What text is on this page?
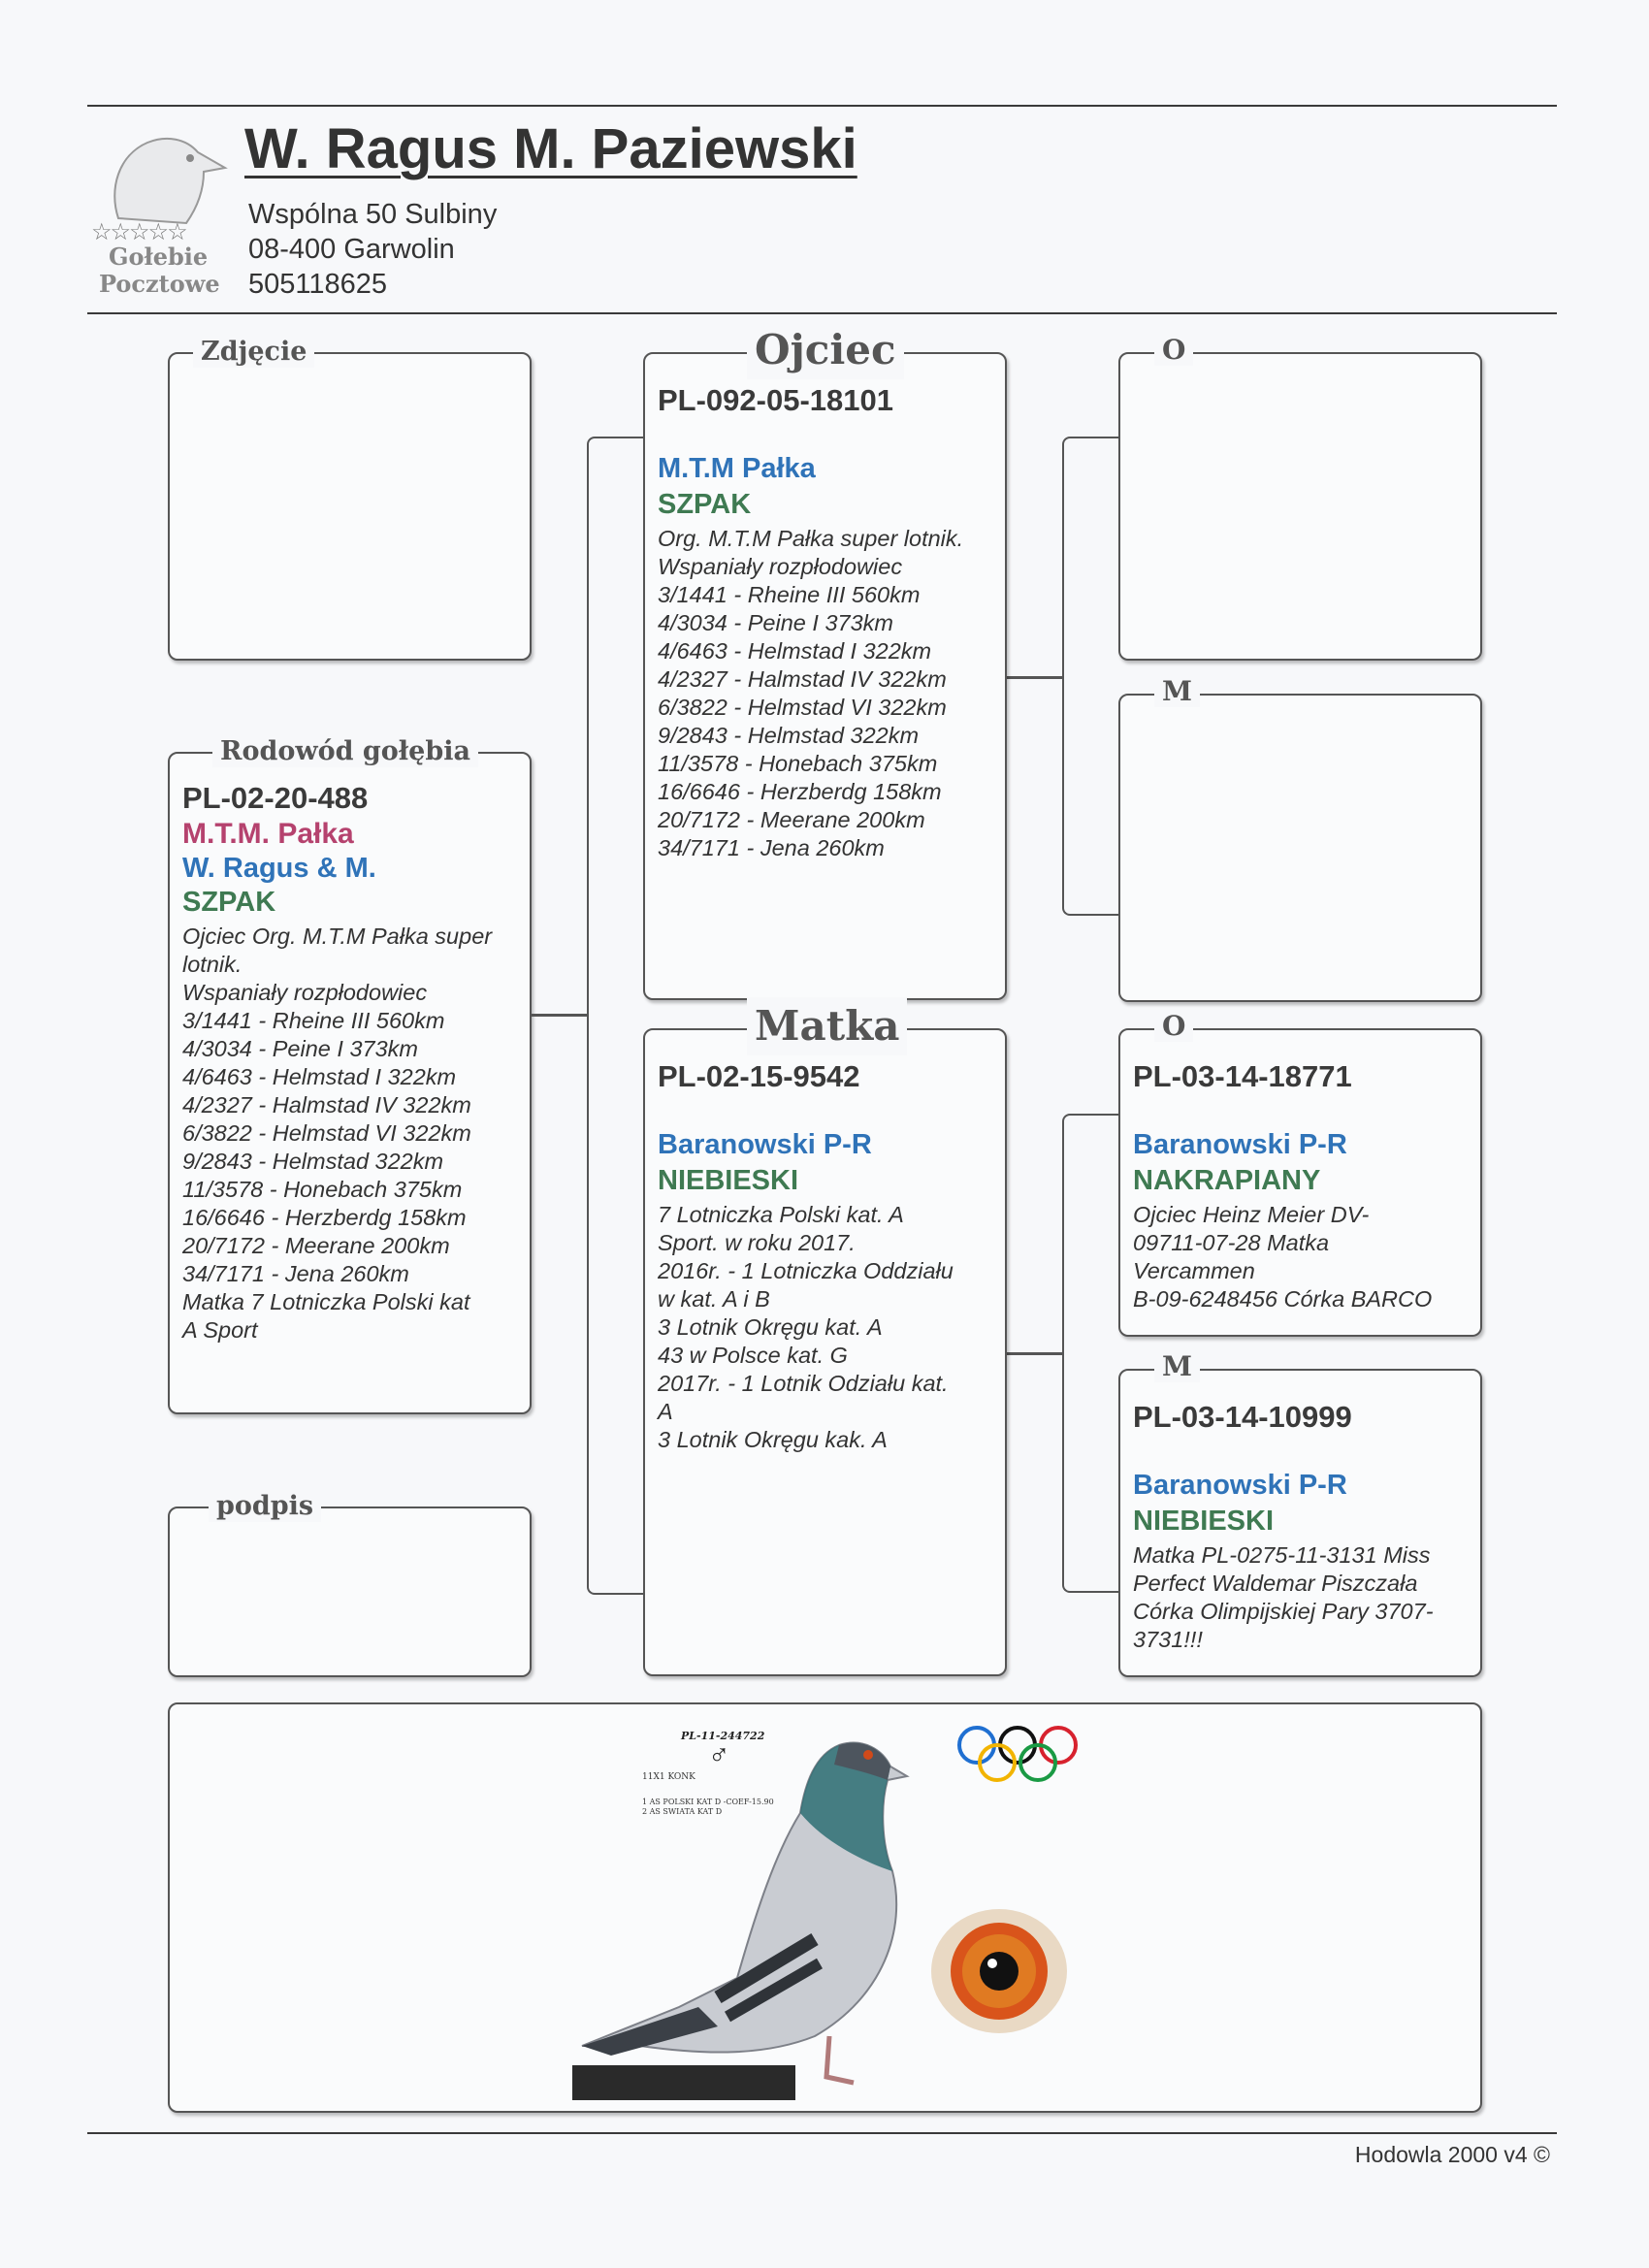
☆☆☆☆☆
Gołebie
Pocztowe
W. Ragus M. Paziewski
Wspólna 50 Sulbiny
08-400 Garwolin
505118625
Zdjęcie
Rodowód gołębia
PL-02-20-488
M.T.M. Pałka
W. Ragus & M.
SZPAK
Ojciec Org. M.T.M Pałka super
lotnik.
Wspaniały rozpłodowiec
3/1441 - Rheine III 560km
4/3034 - Peine I 373km
4/6463 - Helmstad I 322km
4/2327 - Halmstad IV 322km
6/3822 - Helmstad VI 322km
9/2843 - Helmstad 322km
11/3578 - Honebach 375km
16/6646 - Herzberdg 158km
20/7172 - Meerane 200km
34/7171 - Jena 260km
Matka 7 Lotniczka Polski kat
A Sport
podpis
Ojciec
PL-092-05-18101
M.T.M Pałka
SZPAK
Org. M.T.M Pałka super lotnik.
Wspaniały rozpłodowiec
3/1441 - Rheine III 560km
4/3034 - Peine I 373km
4/6463 - Helmstad I 322km
4/2327 - Halmstad IV 322km
6/3822 - Helmstad VI 322km
9/2843 - Helmstad 322km
11/3578 - Honebach 375km
16/6646 - Herzberdg 158km
20/7172 - Meerane 200km
34/7171 - Jena 260km
Matka
PL-02-15-9542
Baranowski P-R
NIEBIESKI
7 Lotniczka Polski kat. A
Sport. w roku 2017.
2016r. - 1 Lotniczka Oddziału
w kat. A i B
3 Lotnik Okręgu kat. A
43 w Polsce kat. G
2017r. - 1 Lotnik Odziału kat.
A
3 Lotnik Okręgu kak. A
O
M
O
PL-03-14-18771
Baranowski P-R
NAKRAPIANY
Ojciec Heinz Meier DV-
09711-07-28 Matka
Vercammen
B-09-6248456 Córka BARCO
M
PL-03-14-10999
Baranowski P-R
NIEBIESKI
Matka PL-0275-11-3131 Miss
Perfect Waldemar Piszczała
Córka Olimpijskiej Pary 3707-
3731!!!
PL-11-244722
♂
11X1 KONK
1 AS POLSKI KAT D -COEF-15.90
2 AS SWIATA KAT D
Hodowla 2000 v4 ©
